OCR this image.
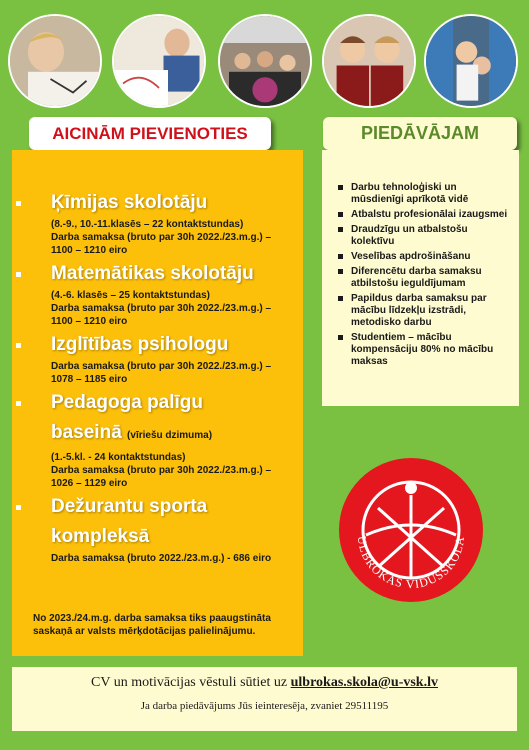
AICINĀM PIEVIENOTIES	PIEDĀVĀJAM
Ķīmijas skolotāju
(8.-9., 10.-11.klasēs – 22 kontaktstundas)
Darba samaksa (bruto par 30h 2022./23.m.g.) –
1100 – 1210 eiro
Matemātikas skolotāju
(4.-6. klasēs – 25 kontaktstundas)
Darba samaksa (bruto par 30h 2022./23.m.g.) –
1100 – 1210 eiro
Izglītības psihologu
Darba samaksa (bruto par 30h 2022./23.m.g.) –
1078 – 1185 eiro
Pedagoga palīgu
baseinā (vīriešu dzimuma)
(1.-5.kl. - 24 kontaktstundas)
Darba samaksa (bruto par 30h 2022./23.m.g.) –
1026 – 1129 eiro
Dežurantu sporta
kompleksā
Darba samaksa (bruto 2022./23.m.g.) - 686 eiro
No 2023./24.m.g. darba samaksa tiks paaugstināta saskaņā ar valsts mērķdotācijas palielinājumu.
Darbu tehnoloģiski un mūsdienīgi aprīkotā vidē
Atbalstu profesionālai izaugsmei
Draudzīgu un atbalstošu kolektīvu
Veselības apdrošināšanu
Diferencētu darba samaksu atbilstošu ieguldījumam
Papildus darba samaksu par mācību līdzekļu izstrādi, metodisko darbu
Studentiem – mācību kompensāciju 80% no mācību maksas
ULBROKAS VIDUSSKOLA
CV un motivācijas vēstuli sūtiet uz ulbrokas.skola@u-vsk.lv
Ja darba piedāvājums Jūs ieinteresēja, zvaniet 29511195
